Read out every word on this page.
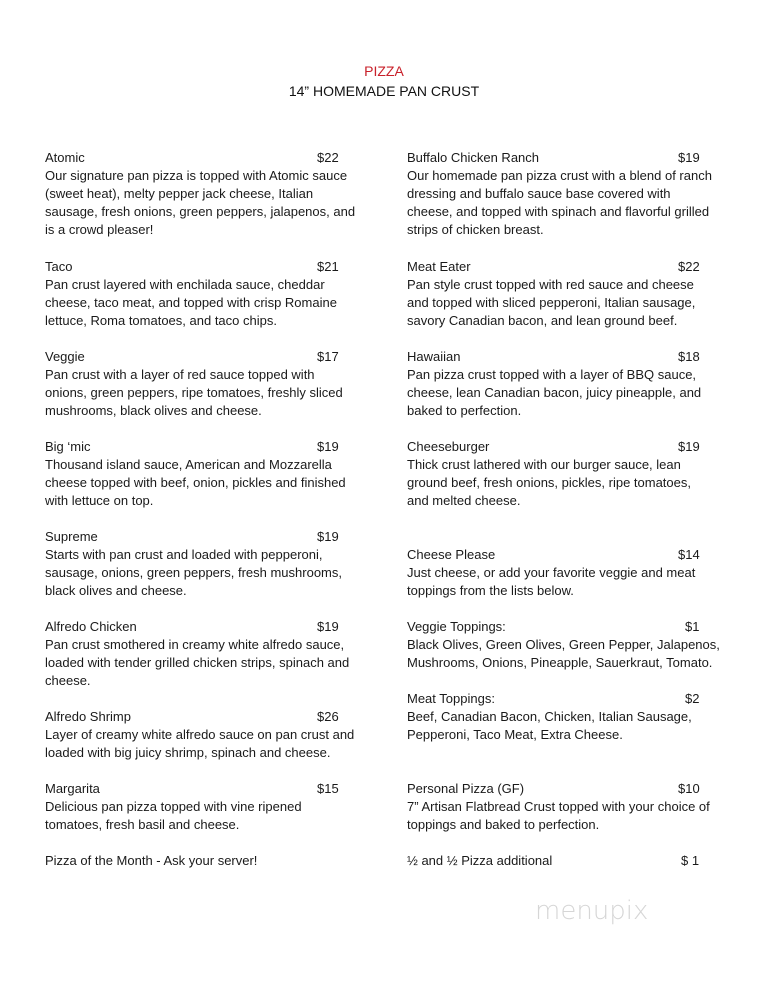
PIZZA
14” HOMEMADE PAN CRUST
Atomic	$22
Our signature pan pizza is topped with Atomic sauce
(sweet heat), melty pepper jack cheese, Italian
sausage, fresh onions, green peppers, jalapenos, and
is a crowd pleaser!
Taco	$21
Pan crust layered with enchilada sauce, cheddar
cheese, taco meat, and topped with crisp Romaine
lettuce, Roma tomatoes, and taco chips.
Veggie	$17
Pan crust with a layer of red sauce topped with
onions, green peppers, ripe tomatoes, freshly sliced
mushrooms, black olives and cheese.
Big ‘mic	$19
Thousand island sauce, American and Mozzarella
cheese topped with beef, onion, pickles and finished
with lettuce on top.
Supreme	$19
Starts with pan crust and loaded with pepperoni,
sausage, onions, green peppers, fresh mushrooms,
black olives and cheese.
Alfredo Chicken	$19
Pan crust smothered in creamy white alfredo sauce,
loaded with tender grilled chicken strips, spinach and
cheese.
Alfredo Shrimp	$26
Layer of creamy white alfredo sauce on pan crust and
loaded with big juicy shrimp, spinach and cheese.
Margarita	$15
Delicious pan pizza topped with vine ripened
tomatoes, fresh basil and cheese.
Pizza of the Month - Ask your server!
Buffalo Chicken Ranch	$19
Our homemade pan pizza crust with a blend of ranch
dressing and buffalo sauce base covered with
cheese, and topped with spinach and flavorful grilled
strips of chicken breast.
Meat Eater	$22
Pan style crust topped with red sauce and cheese
and topped with sliced pepperoni, Italian sausage,
savory Canadian bacon, and lean ground beef.
Hawaiian	$18
Pan pizza crust topped with a layer of BBQ sauce,
cheese, lean Canadian bacon, juicy pineapple, and
baked to perfection.
Cheeseburger	$19
Thick crust lathered with our burger sauce, lean
ground beef, fresh onions, pickles, ripe tomatoes,
and melted cheese.
Cheese Please	$14
Just cheese, or add your favorite veggie and meat
toppings from the lists below.
Veggie Toppings:	$1
Black Olives, Green Olives, Green Pepper, Jalapenos,
Mushrooms, Onions, Pineapple, Sauerkraut, Tomato.
Meat Toppings:	$2
Beef, Canadian Bacon, Chicken, Italian Sausage,
Pepperoni, Taco Meat, Extra Cheese.
Personal Pizza (GF)	$10
7” Artisan Flatbread Crust topped with your choice of
toppings and baked to perfection.
½ and ½ Pizza additional	$ 1
menupix
